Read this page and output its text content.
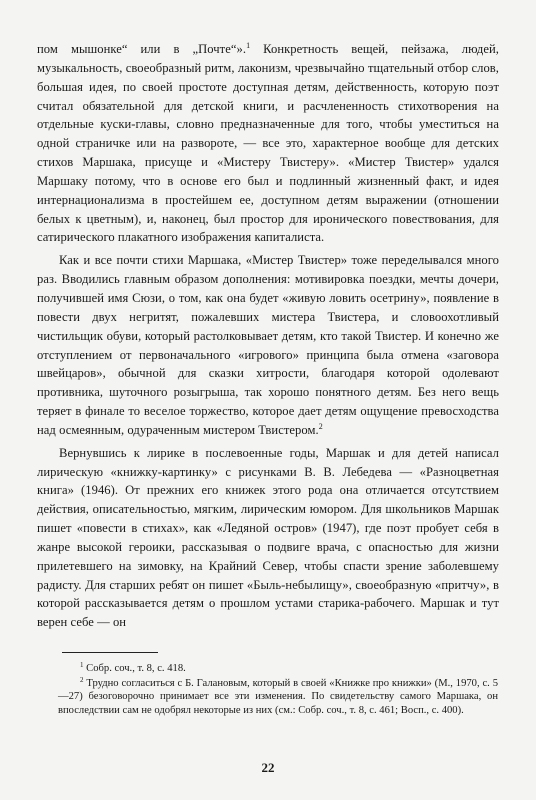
пом мышонке“ или в „Почте“».$^1$ Конкретность вещей, пейзажа, людей, музыкальность, своеобразный ритм, лаконизм, чрезвычайно тщательный отбор слов, большая идея, по своей простоте доступная детям, действенность, которую поэт считал обязательной для детской книги, и расчлененность стихотворения на отдельные куски-главы, словно предназначенные для того, чтобы уместиться на одной страничке или на развороте, — все это, характерное вообще для детских стихов Маршака, присуще и «Мистеру Твистеру». «Мистер Твистер» удался Маршаку потому, что в основе его был и подлинный жизненный факт, и идея интернационализма в простейшем ее, доступном детям выражении (отношении белых к цветным), и, наконец, был простор для иронического повествования, для сатирического плакатного изображения капиталиста.

Как и все почти стихи Маршака, «Мистер Твистер» тоже переделывался много раз. Вводились главным образом дополнения: мотивировка поездки, мечты дочери, получившей имя Сюзи, о том, как она будет «живую ловить осетрину», появление в повести двух негритят, пожалевших мистера Твистера, и словоохотливый чистильщик обуви, который растолковывает детям, кто такой Твистер. И конечно же отступлением от первоначального «игрового» принципа была отмена «заговора швейцаров», обычной для сказки хитрости, благодаря которой одолевают противника, шуточного розыгрыша, так хорошо понятного детям. Без него вещь теряет в финале то веселое торжество, которое дает детям ощущение превосходства над осмеянным, одураченным мистером Твистером.$^2$

Вернувшись к лирике в послевоенные годы, Маршак и для детей написал лирическую «книжку-картинку» с рисунками В. В. Лебедева — «Разноцветная книга» (1946). От прежних его книжек этого рода она отличается отсутствием действия, описательностью, мягким, лирическим юмором. Для школьников Маршак пишет «повести в стихах», как «Ледяной остров» (1947), где поэт пробует себя в жанре высокой героики, рассказывая о подвиге врача, с опасностью для жизни прилетевшего на зимовку, на Крайний Север, чтобы спасти зрение заболевшему радисту. Для старших ребят он пишет «Быль-небылищу», своеобразную «притчу», в которой рассказывается детям о прошлом устами старика-рабочего. Маршак и тут верен себе — он

$^1$ Собр. соч., т. 8, с. 418.

$^2$ Трудно согласиться с Б. Галановым, который в своей «Книжке про книжки» (М., 1970, с. 5—27) безоговорочно принимает все эти изменения. По свидетельству самого Маршака, он впоследствии сам не одобрял некоторые из них (см.: Собр. соч., т. 8, с. 461; Восп., с. 400).

22
